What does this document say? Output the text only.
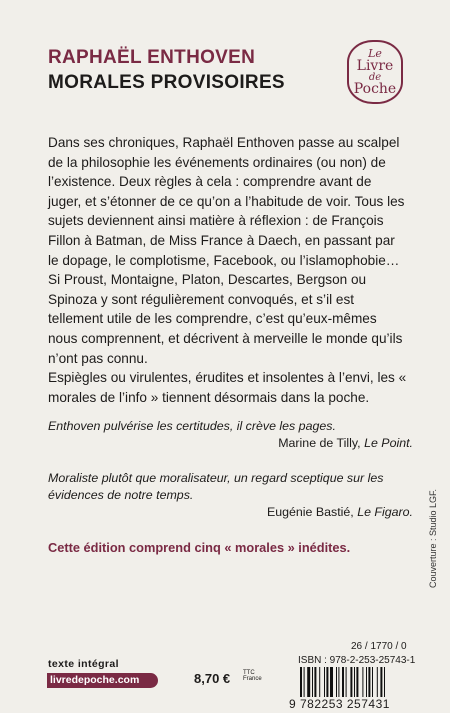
RAPHAËL ENTHOVEN
MORALES PROVISOIRES
Le
Livre
de
Poche

Dans ses chroniques, Raphaël Enthoven passe au scalpel de la philosophie les événements ordinaires (ou non) de l’existence. Deux règles à cela : comprendre avant de juger, et s’étonner de ce qu’on a l’habitude de voir. Tous les sujets deviennent ainsi matière à réflexion : de François Fillon à Batman, de Miss France à Daech, en passant par le dopage, le complotisme, Facebook, ou l’islamophobie… Si Proust, Montaigne, Platon, Descartes, Bergson ou Spinoza y sont régulièrement convoqués, et s’il est tellement utile de les comprendre, c’est qu’eux-mêmes nous comprennent, et décrivent à merveille le monde qu’ils n’ont pas connu.

Espiègles ou virulentes, érudites et insolentes à l’envi, les « morales de l’info » tiennent désormais dans la poche.

Enthoven pulvérise les certitudes, il crève les pages.
Marine de Tilly, Le Point.
Moraliste plutôt que moralisateur, un regard sceptique sur les évidences de notre temps.
Eugénie Bastié, Le Figaro.
Cette édition comprend cinq « morales » inédites.	Couverture : Studio LGF.
texte intégral
livredepoche.com	8,70 € TTC
France
26 / 1770 / 0
ISBN : 978-2-253-25743-1
9 782253 257431
